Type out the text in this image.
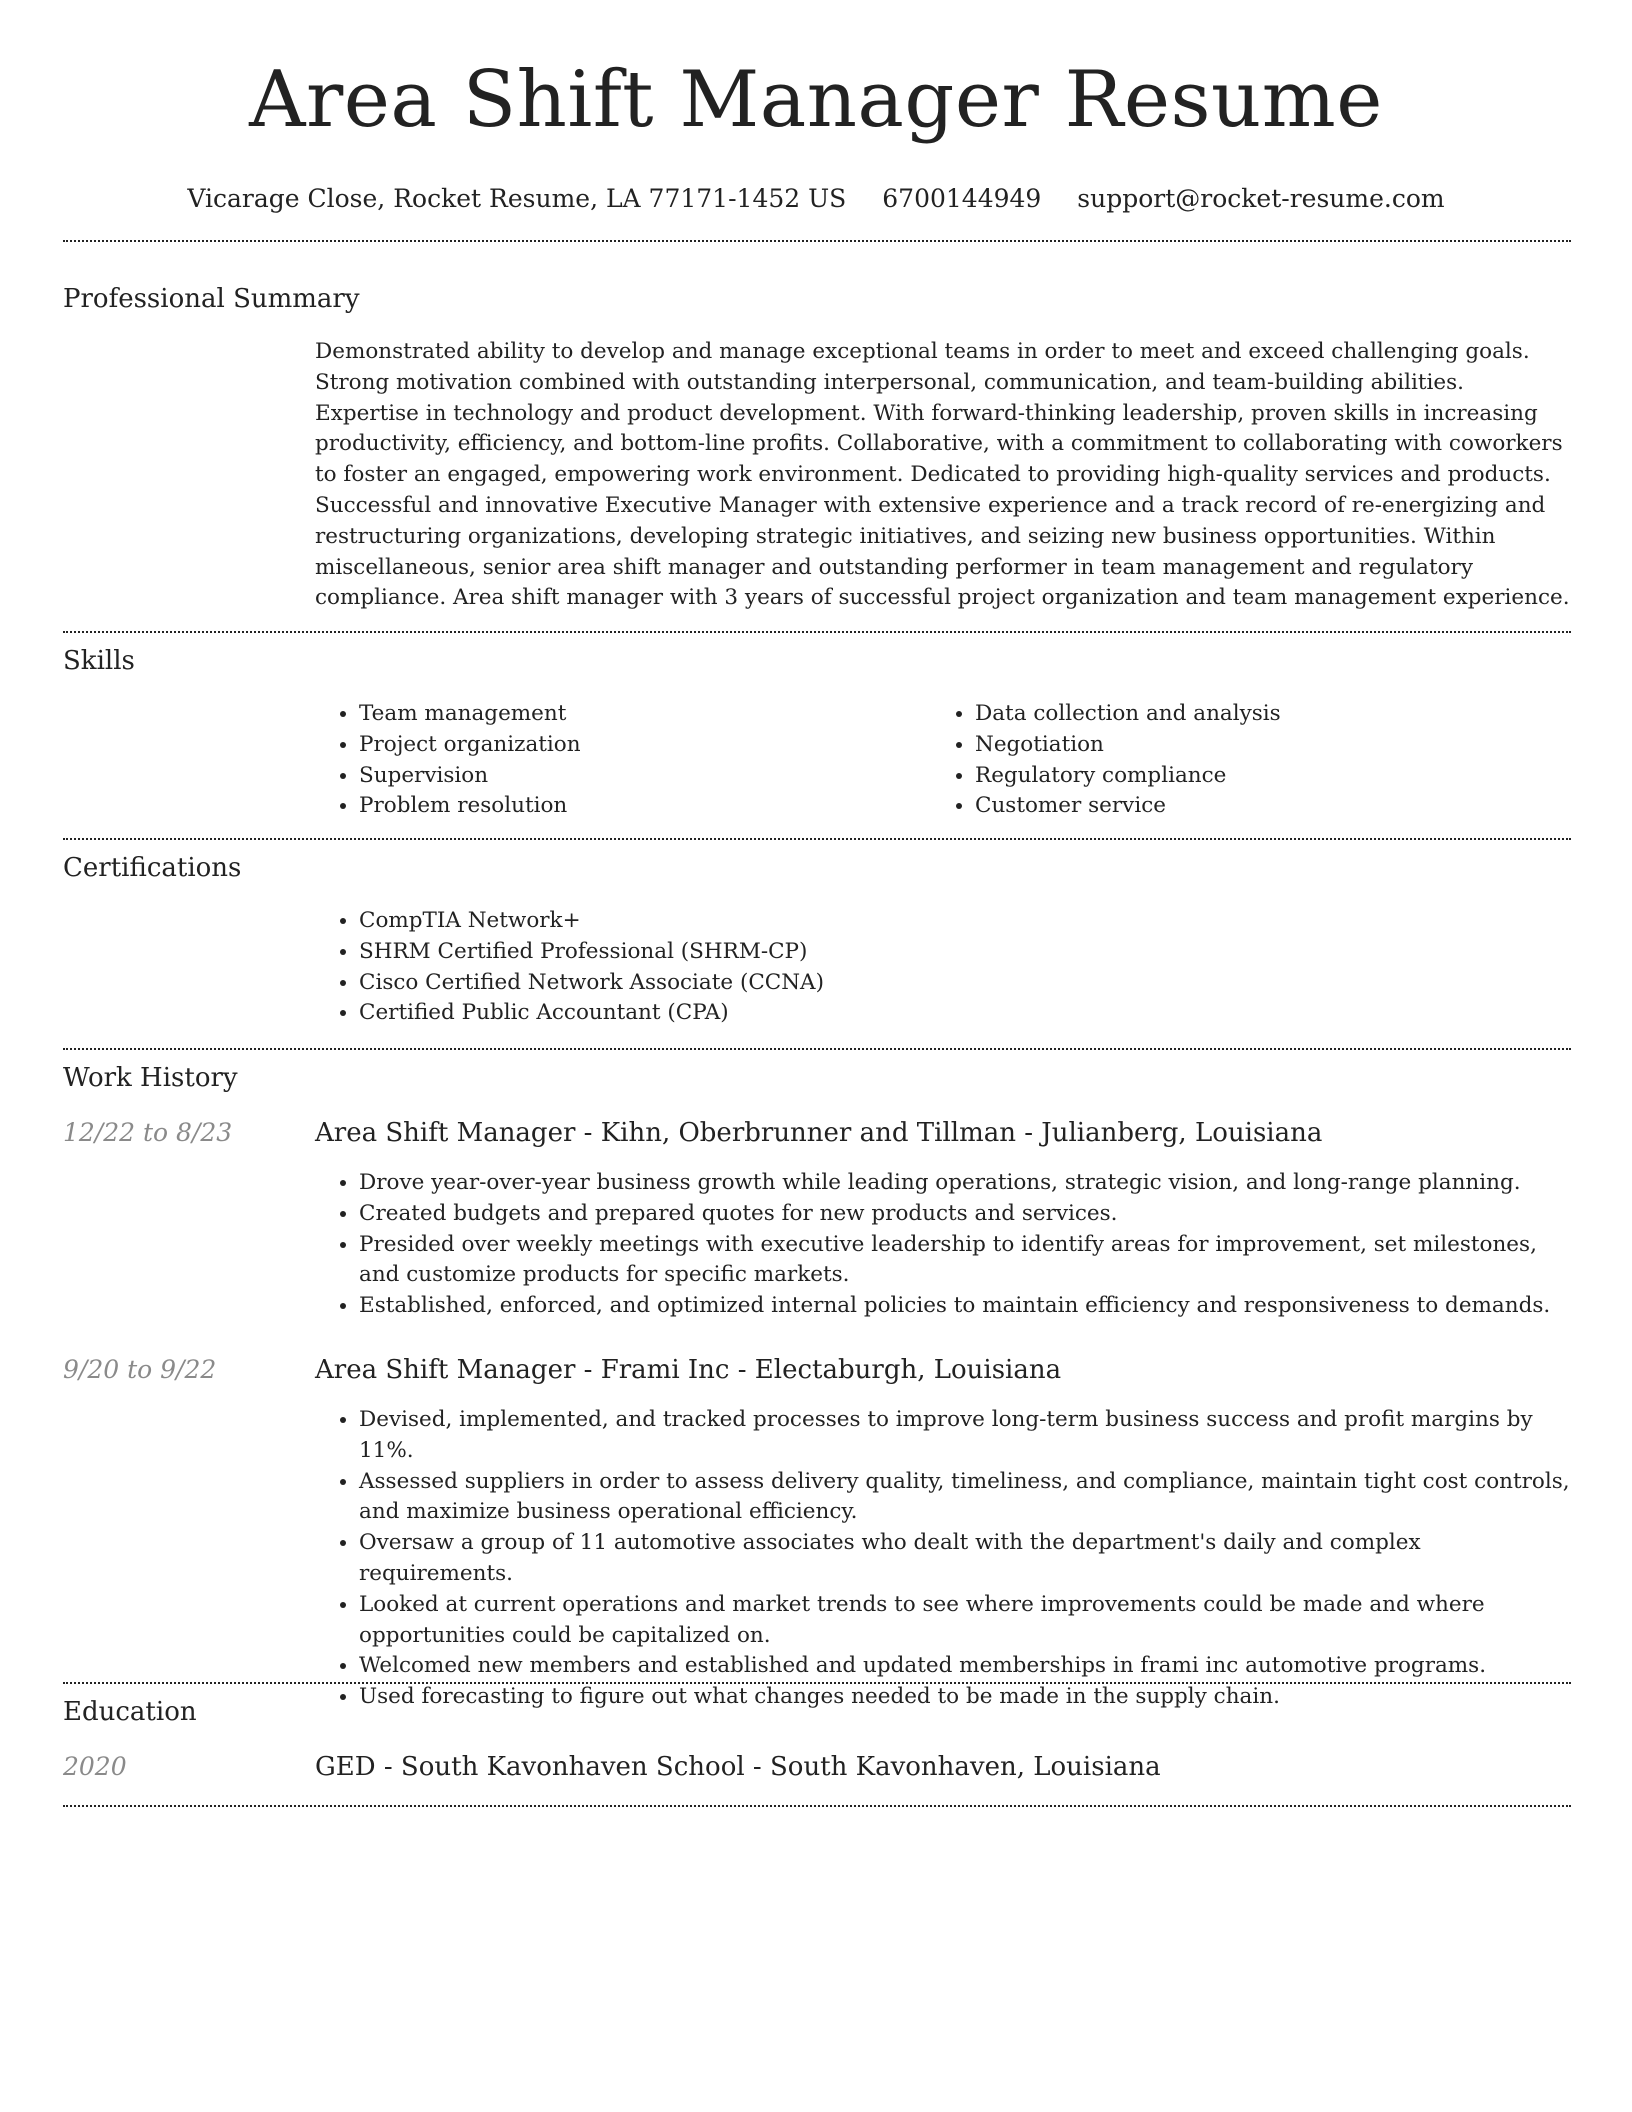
Area Shift Manager Resume
Vicarage Close, Rocket Resume, LA 77171-1452 US 6700144949 support@rocket-resume.com
Professional Summary

Demonstrated ability to develop and manage exceptional teams in order to meet and exceed challenging goals. Strong motivation combined with outstanding interpersonal, communication, and team-building abilities. Expertise in technology and product development. With forward-thinking leadership, proven skills in increasing productivity, efficiency, and bottom-line profits. Collaborative, with a commitment to collaborating with coworkers to foster an engaged, empowering work environment. Dedicated to providing high-quality services and products. Successful and innovative Executive Manager with extensive experience and a track record of re-energizing and restructuring organizations, developing strategic initiatives, and seizing new business opportunities. Within miscellaneous, senior area shift manager and outstanding performer in team management and regulatory compliance. Area shift manager with 3 years of successful project organization and team management experience.

Skills
• Team management
• Project organization
• Supervision
• Problem resolution
• Data collection and analysis
• Negotiation
• Regulatory compliance
• Customer service
Certifications
• CompTIA Network+
• SHRM Certified Professional (SHRM-CP)
• Cisco Certified Network Associate (CCNA)
• Certified Public Accountant (CPA)
Work History
12/22 to 8/23	Area Shift Manager - Kihn, Oberbrunner and Tillman - Julianberg, Louisiana
• Drove year-over-year business growth while leading operations, strategic vision, and long-range planning.
• Created budgets and prepared quotes for new products and services.
• Presided over weekly meetings with executive leadership to identify areas for improvement, set milestones, and customize products for specific markets.
• Established, enforced, and optimized internal policies to maintain efficiency and responsiveness to demands.
9/20 to 9/22	Area Shift Manager - Frami Inc - Electaburgh, Louisiana
• Devised, implemented, and tracked processes to improve long-term business success and profit margins by 11%.
• Assessed suppliers in order to assess delivery quality, timeliness, and compliance, maintain tight cost controls, and maximize business operational efficiency.
• Oversaw a group of 11 automotive associates who dealt with the department's daily and complex requirements.
• Looked at current operations and market trends to see where improvements could be made and where opportunities could be capitalized on.
• Welcomed new members and established and updated memberships in frami inc automotive programs.
• Used forecasting to figure out what changes needed to be made in the supply chain.
Education
2020	GED - South Kavonhaven School - South Kavonhaven, Louisiana
